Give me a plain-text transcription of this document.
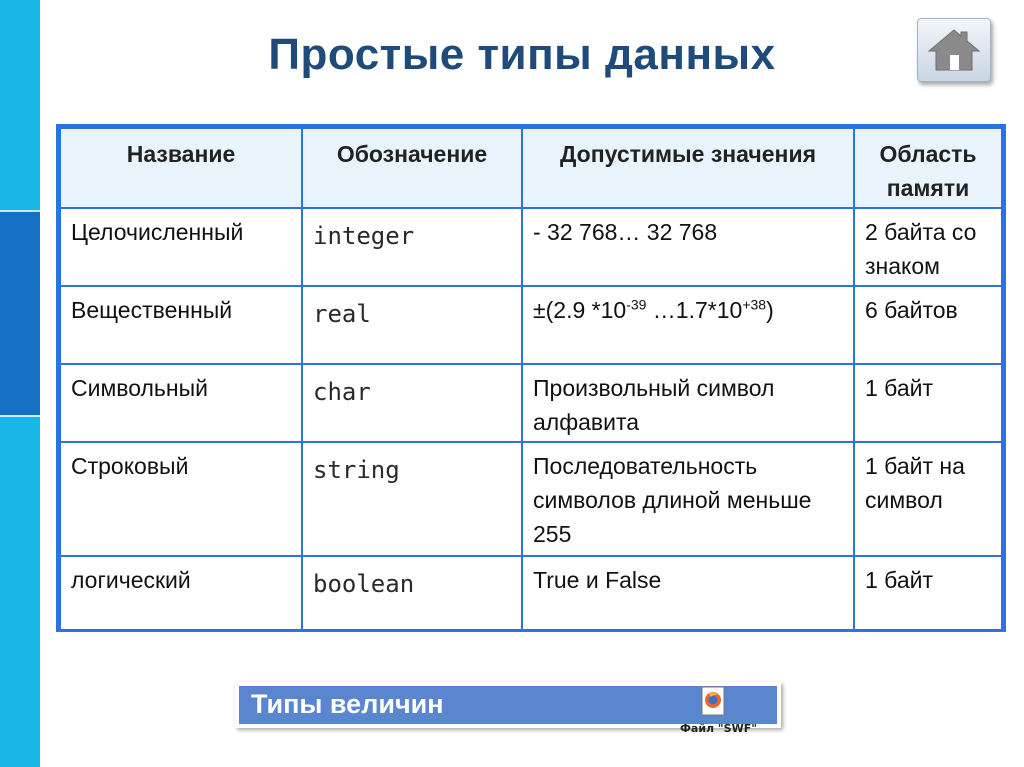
Простые типы данных
Название	Обозначение	Допустимые значения	Область памяти
Целочисленный	integer	- 32 768… 32 768	2 байта со знаком
Вещественный	real	±(2.9 $*10^{-39}$ $\dots 1.7*10^{+38}$)	6 байтов
Символьный	char	Произвольный символ алфавита	1 байт
Строковый	string	Последовательность символов длиной меньше 255	1 байт на символ
логический	boolean	True и False	1 байт
Типы величин
Файл "SWF"
